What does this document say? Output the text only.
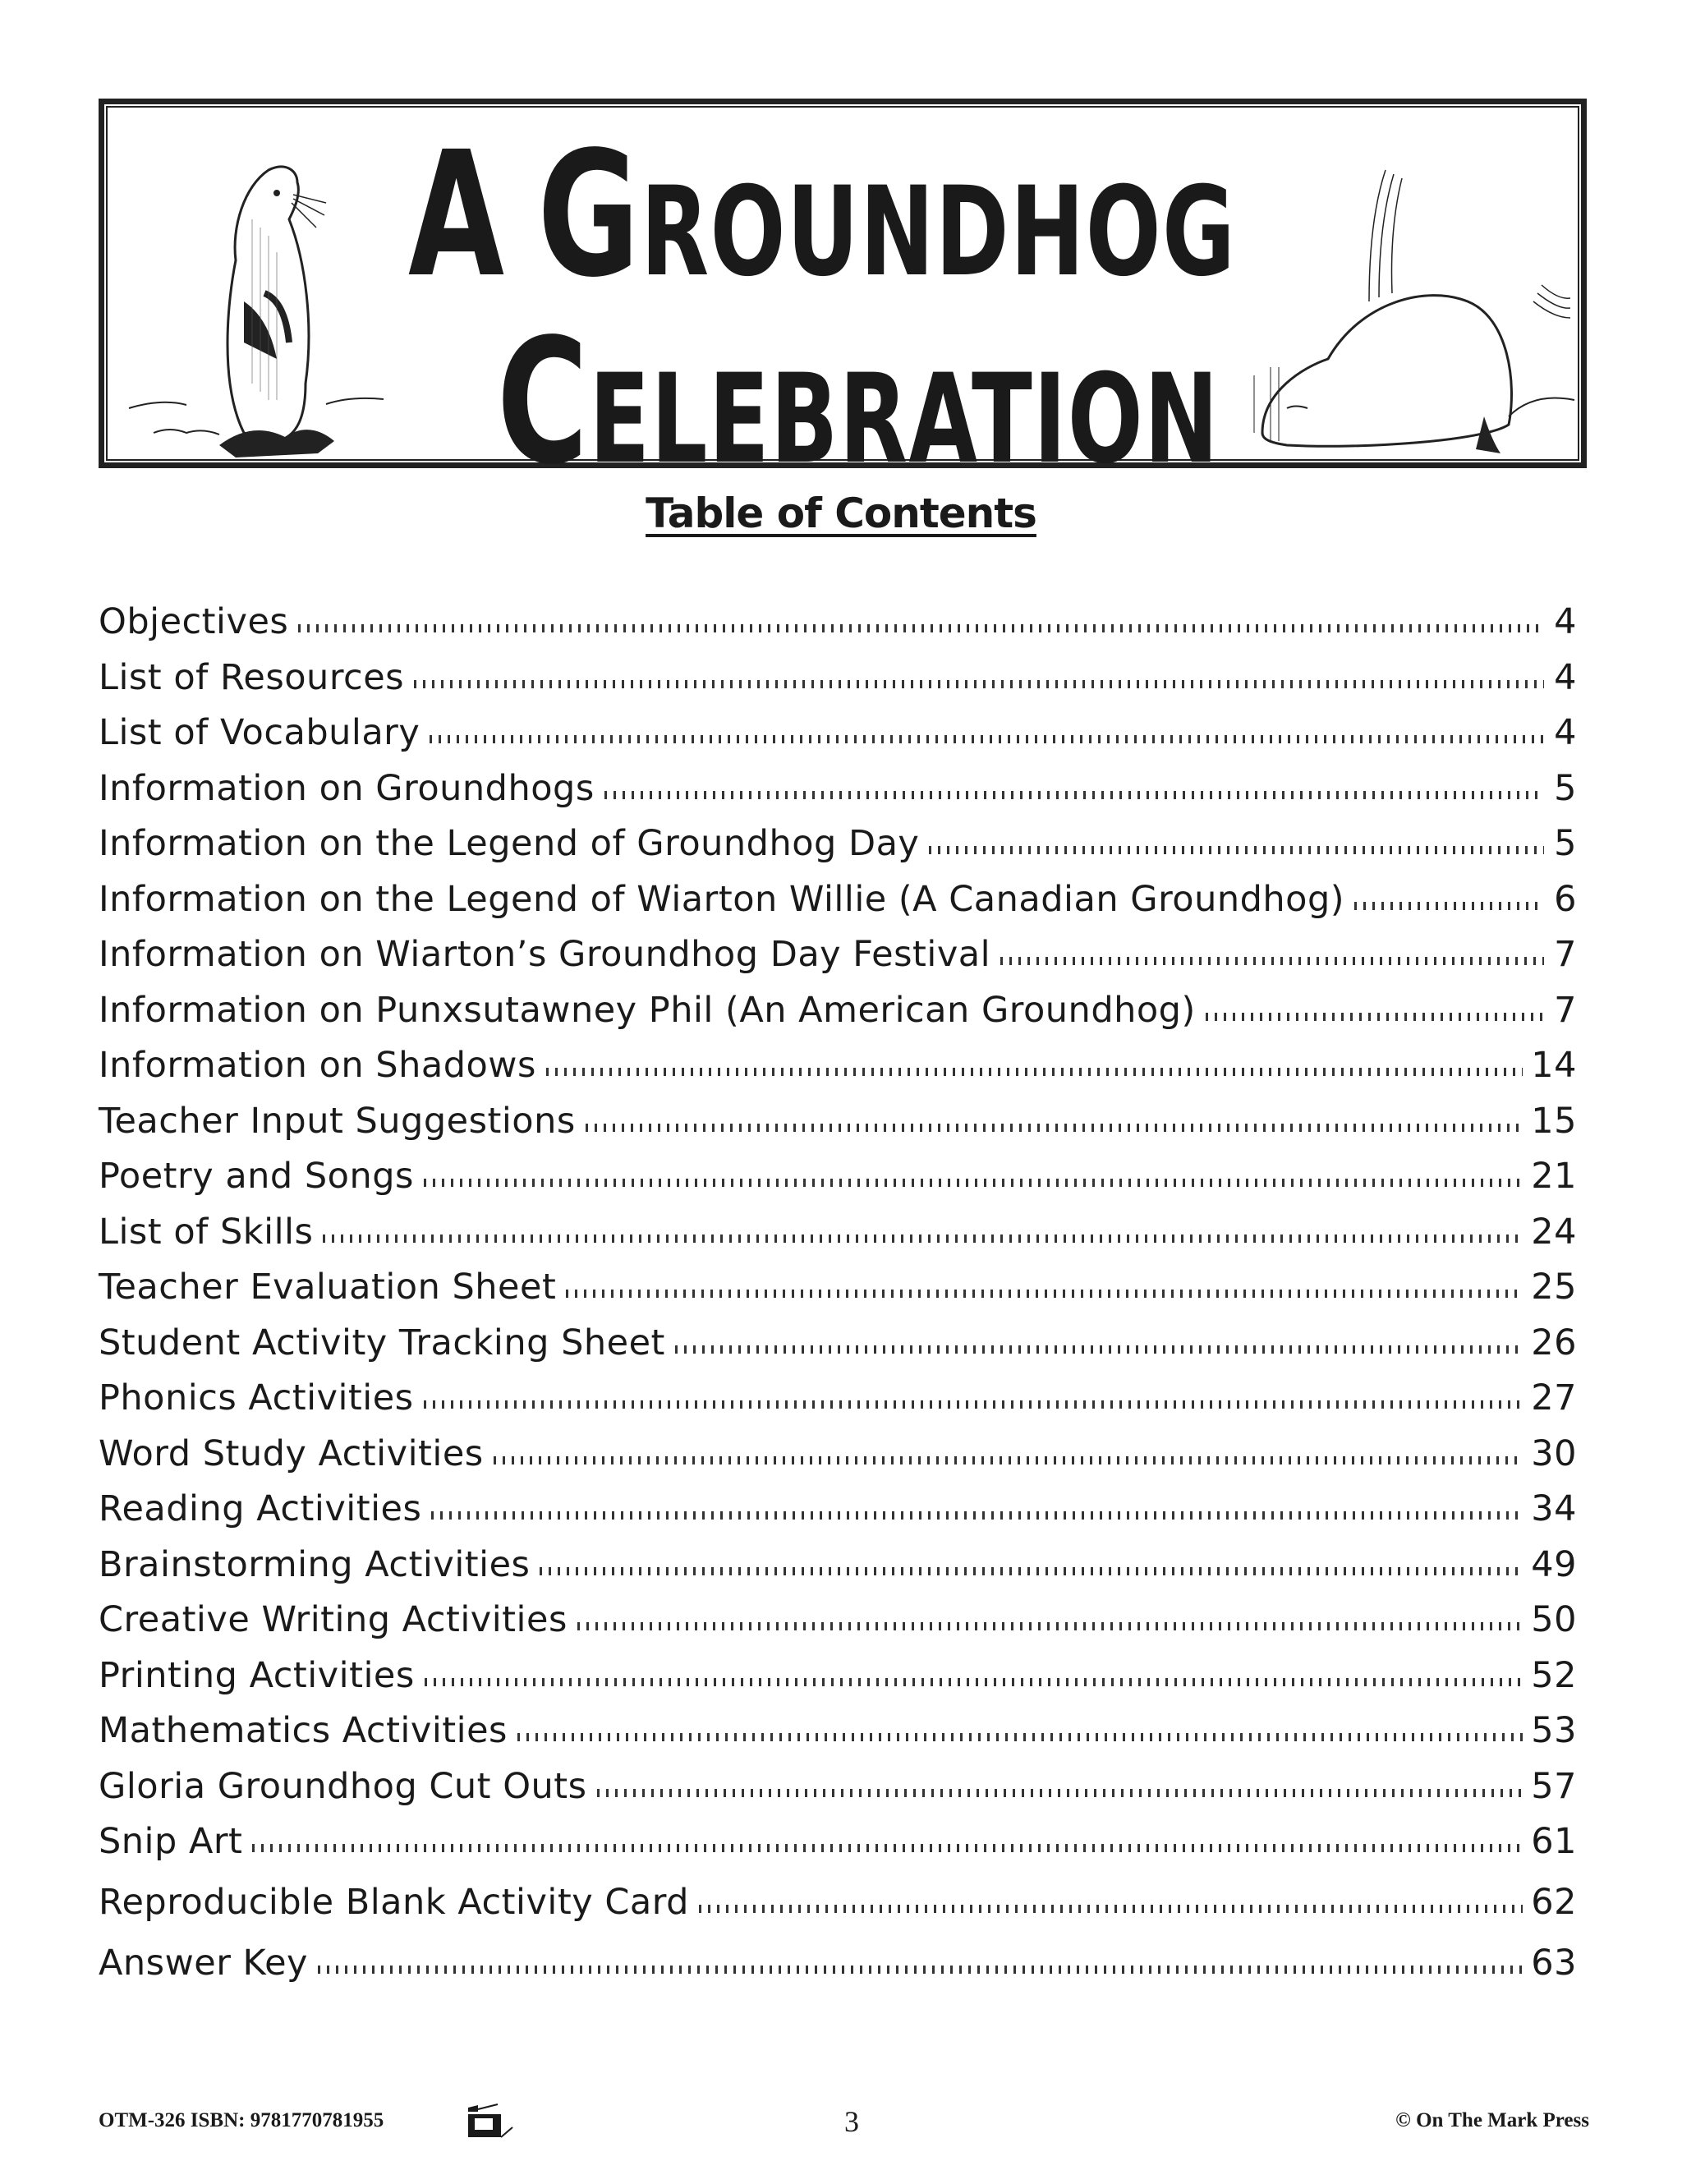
A GROUNDHOG
CELEBRATION
Table of Contents
Objectives	4
List of Resources	4
List of Vocabulary	4
Information on Groundhogs	5
Information on the Legend of Groundhog Day	5
Information on the Legend of Wiarton Willie (A Canadian Groundhog)	6
Information on Wiarton’s Groundhog Day Festival	7
Information on Punxsutawney Phil (An American Groundhog)	7
Information on Shadows	14
Teacher Input Suggestions	15
Poetry and Songs	21
List of Skills	24
Teacher Evaluation Sheet	25
Student Activity Tracking Sheet	26
Phonics Activities	27
Word Study Activities	30
Reading Activities	34
Brainstorming Activities	49
Creative Writing Activities	50
Printing Activities	52
Mathematics Activities	53
Gloria Groundhog Cut Outs	57
Snip Art	61
Reproducible Blank Activity Card	62
Answer Key	63
OTM-326 ISBN: 9781770781955	3	© On The Mark Press
